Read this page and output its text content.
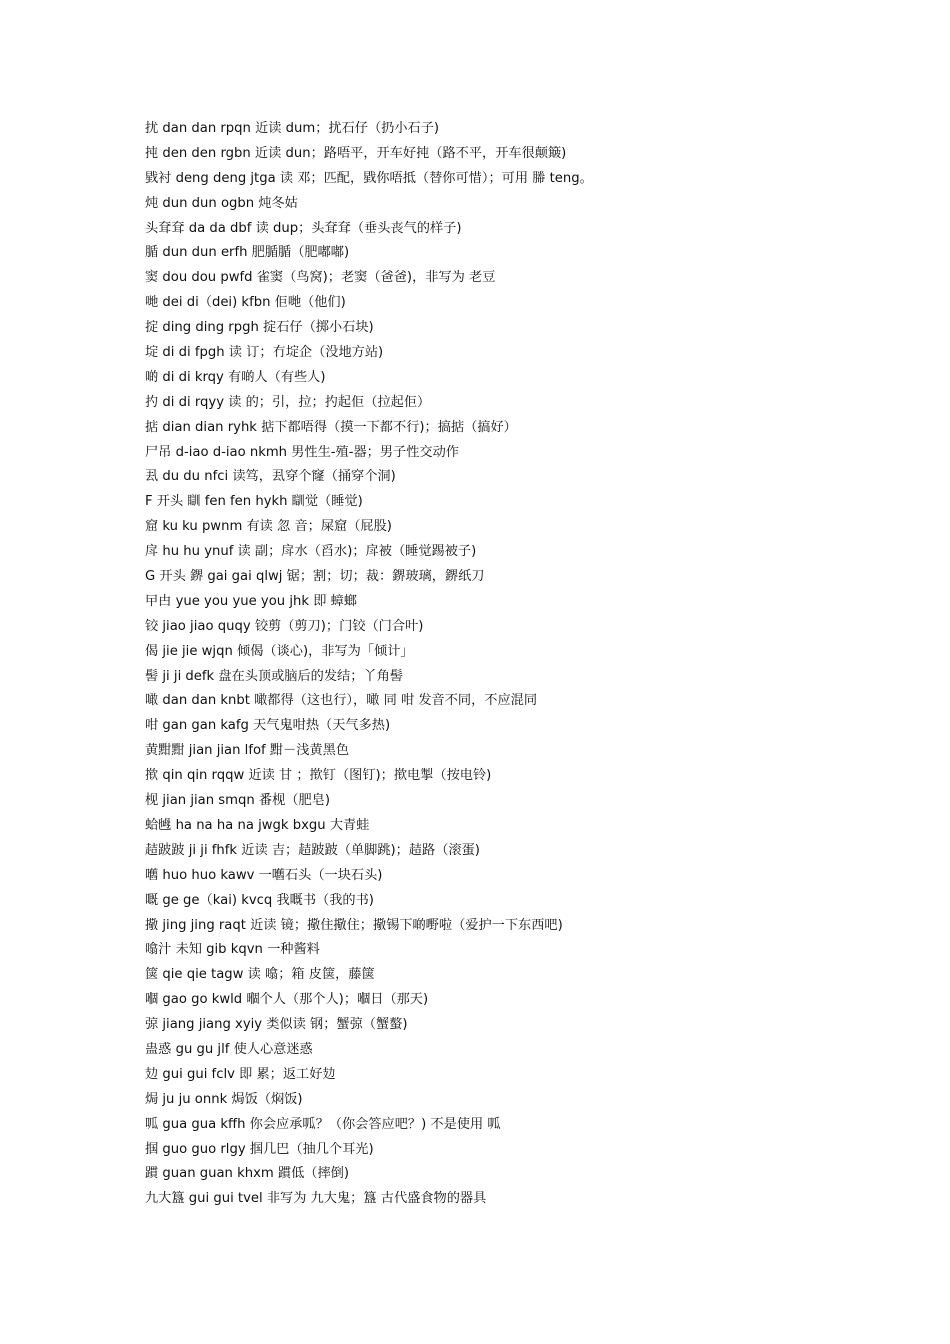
扰 dan dan rpqn 近读 dum；扰石仔（扔小石子)
扽 den den rgbn 近读 dun；路唔平，开车好扽（路不平，开车很颠簸)
戥衬 deng deng jtga 读 邓；匹配，戥你唔抵（替你可惜）；可用 幐 teng。
炖 dun dun ogbn 炖冬姑
头耷耷 da da dbf 读 dup；头耷耷（垂头丧气的样子)
腯 dun dun erfh 肥腯腯（肥嘟嘟)
窦 dou dou pwfd 雀窦（鸟窝)；老窦（爸爸)，非写为 老豆
哋 dei di（dei) kfbn 佢哋（他们)
掟 ding ding rpgh 掟石仔（掷小石块)
埞 di di fpgh 读 订；冇埞企（没地方站)
啲 di di krqy 有啲人（有些人)
扚 di di rqyy 读 的；引，拉；扚起佢（拉起佢）
掂 dian dian ryhk 掂下都唔得（摸一下都不行)；搞掂（搞好）
尸吊 d-iao d-iao nkmh 男性生-殖-器；男子性交动作
厾 du du nfci 读笃，厾穿个窿（捅穿个洞)
F 开头 瞓 fen fen hykh 瞓觉（睡觉)
窟 ku ku pwnm 有读 忽 音；屎窟（屁股)
戽 hu hu ynuf 读 副；戽水（舀水)；戽被（睡觉踢被子)
G 开头 鎅 gai gai qlwj 锯；割；切；裁：鎅玻璃，鎅纸刀
曱甴 yue you yue you jhk 即 蟑螂
铰 jiao jiao quqy 铰剪（剪刀)；门铰（门合叶)
偈 jie jie wjqn 倾偈（谈心)，非写为「倾计」
髻 ji ji defk 盘在头顶或脑后的发结；丫角髻
噉 dan dan knbt 噉都得（这也行），噉 同 咁 发音不同，不应混同
咁 gan gan kafg 天气鬼咁热（天气多热)
黄黚黚 jian jian lfof 黚－浅黄黑色
揿 qin qin rqqw 近读 甘 ；揿钉（图钉)；揿电掣（按电铃)
枧 jian jian smqn 番枧（肥皂)
蛤乸 ha na ha na jwgk bxgu 大青蛙
趌跛跛 ji ji fhfk 近读 吉；趌跛跛（单脚跳)；趌路（滚蛋)
嚿 huo huo kawv 一嚿石头（一块石头)
嘅 ge ge（kai) kvcq 我嘅书（我的书)
擏 jing jing raqt 近读 镜；擏住擏住；擏锡下啲嘢啦（爱护一下东西吧)
噏汁 未知 gib kqvn 一种酱料
箧 qie qie tagw 读 噏；箱 皮箧，藤箧
嗰 gao go kwld 嗰个人（那个人)；嗰日（那天)
弶 jiang jiang xyiy 类似读 钢；蟹弶（蟹螯)
蛊惑 gu gu jlf 使人心意迷惑
攰 gui gui fclv 即 累；返工好攰
焗 ju ju onnk 焗饭（焖饭)
呱 gua gua kffh 你会应承呱？（你会答应吧？) 不是使用 呱
掴 guo guo rlgy 掴几巴（抽几个耳光)
躀 guan guan khxm 躀低（摔倒)
九大簋 gui gui tvel 非写为 九大鬼；簋 古代盛食物的器具
